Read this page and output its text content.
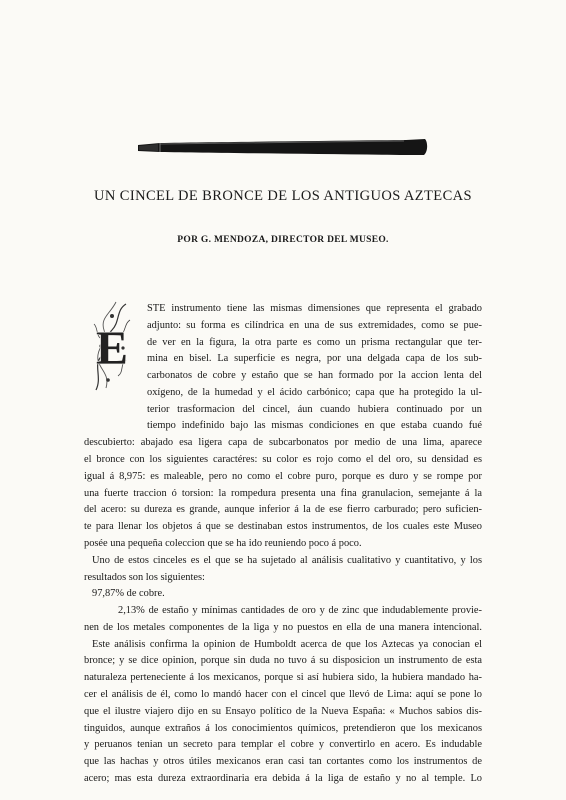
UN CINCEL DE BRONCE DE LOS ANTIGUOS AZTECAS
POR G. MENDOZA, DIRECTOR DEL MUSEO.
E
STE instrumento tiene las mismas dimensiones que representa el grabado
adjunto: su forma es cilíndrica en una de sus extremidades, como se pue-
de ver en la figura, la otra parte es como un prisma rectangular que ter-
mina en bisel. La superficie es negra, por una delgada capa de los sub-
carbonatos de cobre y estaño que se han formado por la accion lenta del
oxígeno, de la humedad y el ácido carbónico; capa que ha protegido la ul-
terior trasformacion del cincel, áun cuando hubiera continuado por un
tiempo indefinido bajo las mismas condiciones en que estaba cuando fué
descubierto: abajado esa ligera capa de subcarbonatos por medio de una lima, aparece
el bronce con los siguientes caractéres: su color es rojo como el del oro, su densidad es
igual á 8,975: es maleable, pero no como el cobre puro, porque es duro y se rompe por
una fuerte traccion ó torsion: la rompedura presenta una fina granulacion, semejante á la
del acero: su dureza es grande, aunque inferior á la de ese fierro carburado; pero suficien-
te para llenar los objetos á que se destinaban estos instrumentos, de los cuales este Museo
posée una pequeña coleccion que se ha ido reuniendo poco á poco.
Uno de estos cinceles es el que se ha sujetado al análisis cualitativo y cuantitativo, y los
resultados son los siguientes:
97,87% de cobre.
2,13% de estaño y mínimas cantidades de oro y de zinc que indudablemente provie-
nen de los metales componentes de la liga y no puestos en ella de una manera intencional.
Este análisis confirma la opinion de Humboldt acerca de que los Aztecas ya conocian el
bronce; y se dice opinion, porque sin duda no tuvo á su disposicion un instrumento de esta
naturaleza perteneciente á los mexicanos, porque si así hubiera sido, la hubiera mandado ha-
cer el análisis de él, como lo mandó hacer con el cincel que llevó de Lima: aquí se pone lo
que el ilustre viajero dijo en su Ensayo político de la Nueva España: « Muchos sabios dis-
tinguidos, aunque extraños á los conocimientos químicos, pretendieron que los mexicanos
y peruanos tenian un secreto para templar el cobre y convertirlo en acero. Es indudable
que las hachas y otros útiles mexicanos eran casi tan cortantes como los instrumentos de
acero; mas esta dureza extraordinaria era debida á la liga de estaño y no al temple. Lo
